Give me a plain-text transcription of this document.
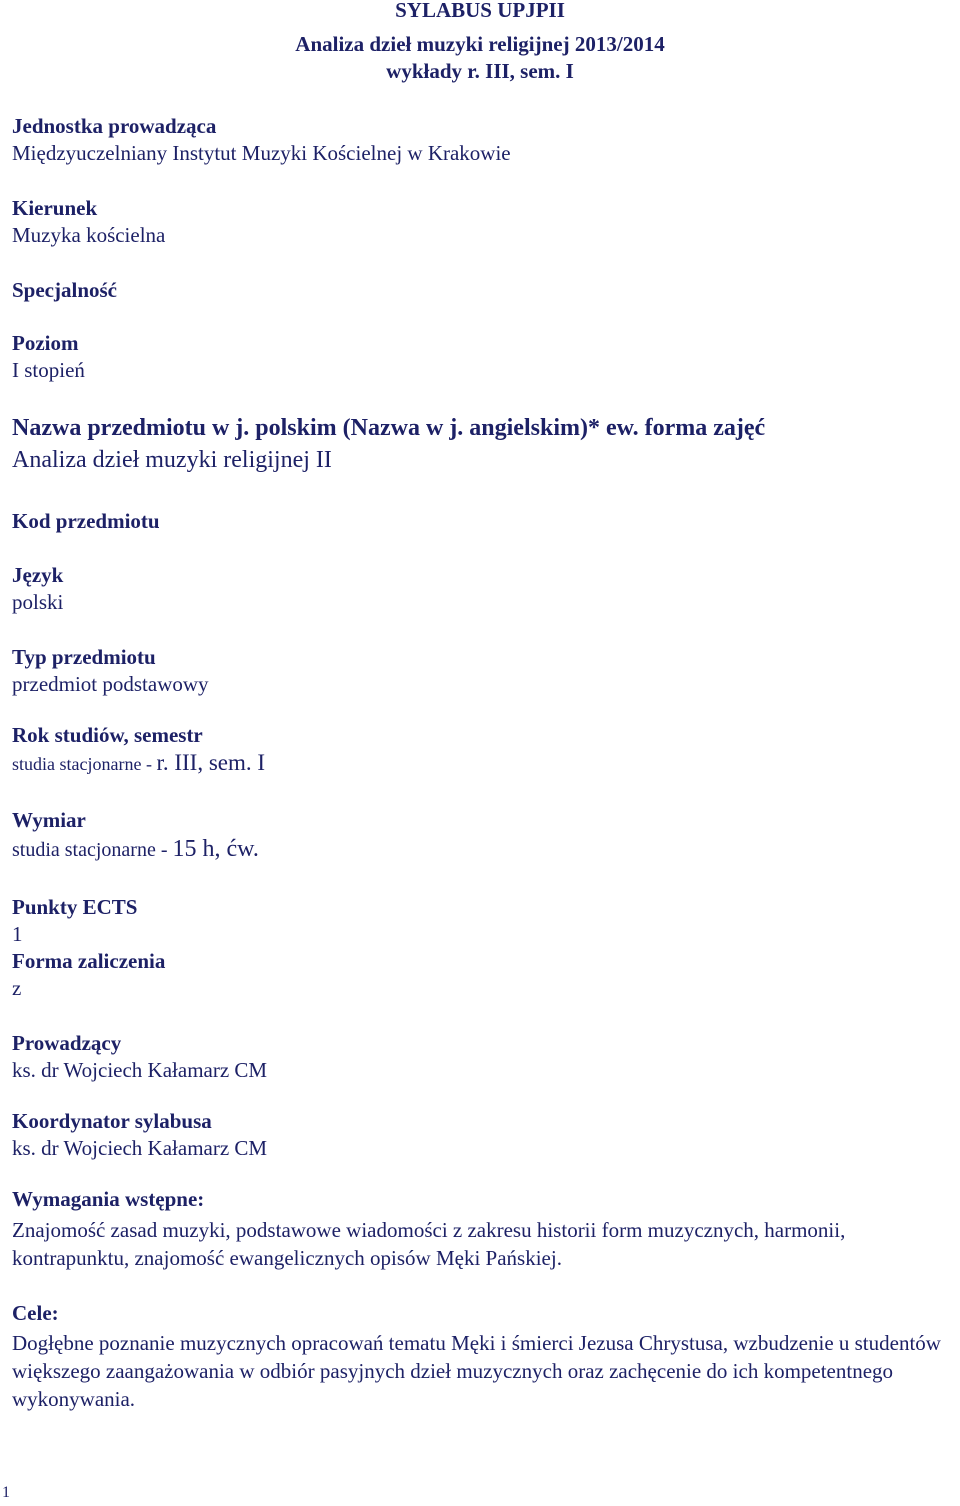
SYLABUS UPJPII
Analiza dzieł muzyki religijnej 2013/2014
wykłady r. III, sem. I
Jednostka prowadząca
Międzyuczelniany Instytut Muzyki Kościelnej w Krakowie
Kierunek
Muzyka kościelna
Specjalność
Poziom
I stopień
Nazwa przedmiotu w j. polskim (Nazwa w j. angielskim)* ew. forma zajęć
Analiza dzieł muzyki religijnej II
Kod przedmiotu
Język
polski
Typ przedmiotu
przedmiot podstawowy
Rok studiów, semestr
studia stacjonarne - r. III, sem. I
Wymiar
studia stacjonarne - 15 h, ćw.
Punkty ECTS
1
Forma zaliczenia
z
Prowadzący
ks. dr Wojciech Kałamarz CM
Koordynator sylabusa
ks. dr Wojciech Kałamarz CM
Wymagania wstępne:
Znajomość zasad muzyki, podstawowe wiadomości z zakresu historii form muzycznych, harmonii, kontrapunktu, znajomość ewangelicznych opisów Męki Pańskiej.
Cele:
Dogłębne poznanie muzycznych opracowań tematu Męki i śmierci Jezusa Chrystusa, wzbudzenie u studentów większego zaangażowania w odbiór pasyjnych dzieł muzycznych oraz zachęcenie do ich kompetentnego wykonywania.
1
